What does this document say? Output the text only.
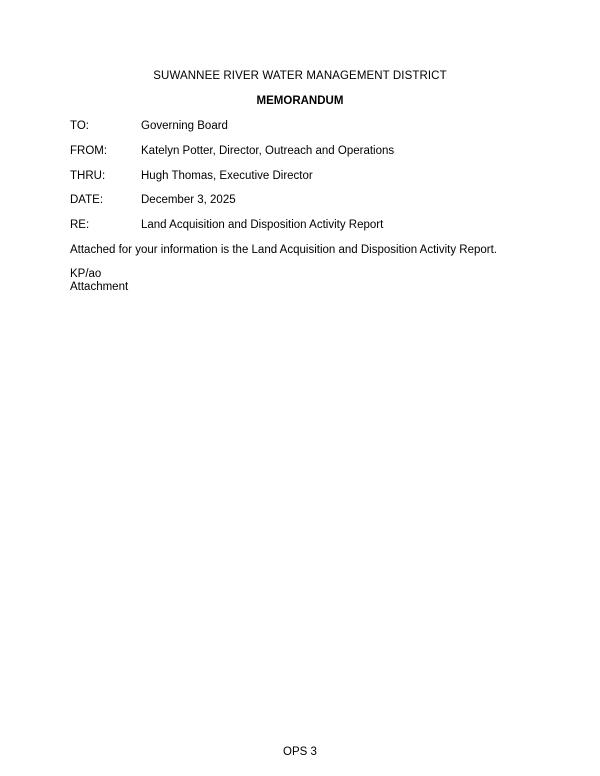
SUWANNEE RIVER WATER MANAGEMENT DISTRICT
MEMORANDUM
TO:	Governing Board
FROM:	Katelyn Potter, Director, Outreach and Operations
THRU:	Hugh Thomas, Executive Director
DATE:	December 3, 2025
RE:	Land Acquisition and Disposition Activity Report
Attached for your information is the Land Acquisition and Disposition Activity Report.
KP/ao
Attachment
OPS 3
